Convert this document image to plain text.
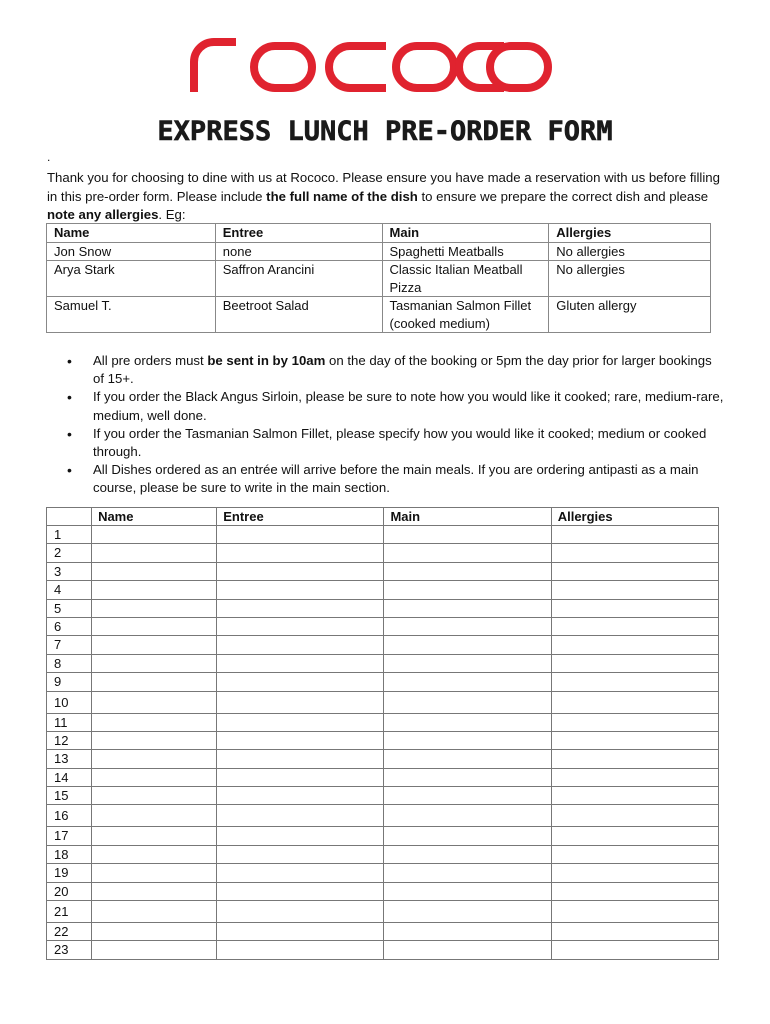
EXPRESS LUNCH PRE-ORDER FORM
.
Thank you for choosing to dine with us at Rococo. Please ensure you have made a reservation with us before filling in this pre-order form. Please include the full name of the dish to ensure we prepare the correct dish and please note any allergies. Eg:
Name	Entree	Main	Allergies
Jon Snow	none	Spaghetti Meatballs	No allergies
Arya Stark	Saffron Arancini	Classic Italian Meatball Pizza	No allergies
Samuel T.	Beetroot Salad	Tasmanian Salmon Fillet (cooked medium)	Gluten allergy
• All pre orders must be sent in by 10am on the day of the booking or 5pm the day prior for larger bookings of 15+.
• If you order the Black Angus Sirloin, please be sure to note how you would like it cooked; rare, medium-rare, medium, well done.
• If you order the Tasmanian Salmon Fillet, please specify how you would like it cooked; medium or cooked through.
• All Dishes ordered as an entrée will arrive before the main meals. If you are ordering antipasti as a main course, please be sure to write in the main section.
	Name	Entree	Main	Allergies
1				
2				
3				
4				
5				
6				
7				
8				
9				
10				
11				
12				
13				
14				
15				
16				
17				
18				
19				
20				
21				
22				
23				
